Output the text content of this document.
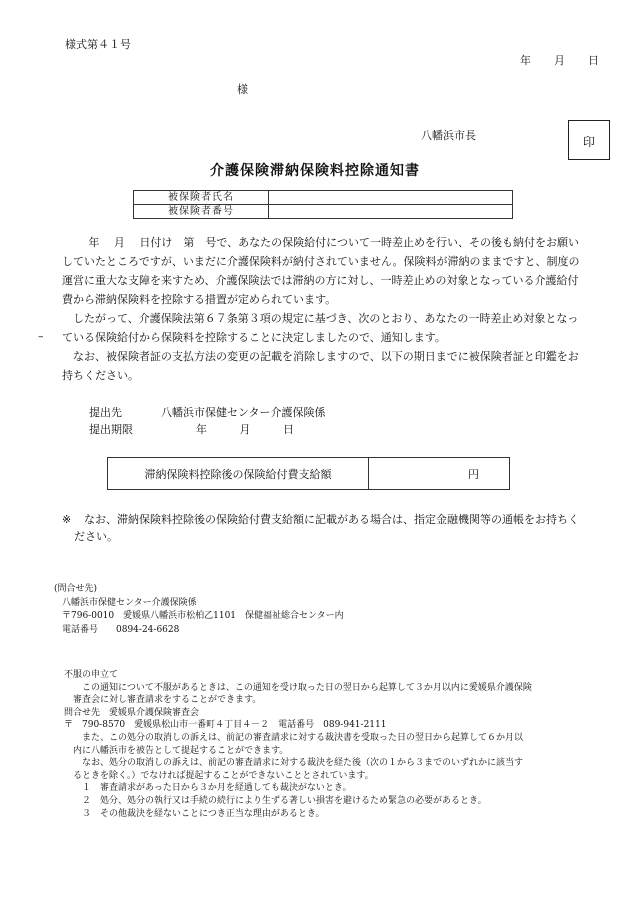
様式第４１号
年　月　日
様
八幡浜市長	印
介護保険滞納保険料控除通知書
被保険者氏名	
被保険者番号	

年　 月　 日付け　第　号で、あなたの保険給付について一時差止めを行い、その後も納付をお願いしていたところですが、いまだに介護保険料が納付されていません。保険料が滞納のままですと、制度の運営に重大な支障を来すため、介護保険法では滞納の方に対し、一時差止めの対象となっている介護給付費から滞納保険料を控除する措置が定められています。

したがって、介護保険法第６７条第３項の規定に基づき、次のとおり、あなたの一時差止め対象となっている保険給付から保険料を控除することに決定しましたので、通知します。

なお、被保険者証の支払方法の変更の記載を消除しますので、以下の期日までに被保険者証と印鑑をお持ちください。

–
提出先	八幡浜市保健センター介護保険係
提出期限	年　 月　 日
滞納保険料控除後の保険給付費支給額	円
※	なお、滞納保険料控除後の保険給付費支給額に記載がある場合は、指定金融機関等の通帳をお持ちください。
(問合せ先)
八幡浜市保健センター介護保険係
〒796-0010　愛媛県八幡浜市松柏乙1101　保健福祉総合センター内
電話番号　　0894-24-6628
不服の申立て
この通知について不服があるときは、この通知を受け取った日の翌日から起算して３か月以内に愛媛県介護保険
審査会に対し審査請求をすることができます。
問合せ先　愛媛県介護保険審査会
〒　790-8570　愛媛県松山市一番町４丁目４－２　電話番号　089-941-2111
また、この処分の取消しの訴えは、前記の審査請求に対する裁決書を受取った日の翌日から起算して６か月以
内に八幡浜市を被告として提起することができます。
なお、処分の取消しの訴えは、前記の審査請求に対する裁決を経た後（次の１から３までのいずれかに該当す
るときを除く。）でなければ提起することができないこととされています。
１　審査請求があった日から３か月を経過しても裁決がないとき。
２　処分、処分の執行又は手続の続行により生ずる著しい損害を避けるため緊急の必要があるとき。
３　その他裁決を経ないことにつき正当な理由があるとき。
